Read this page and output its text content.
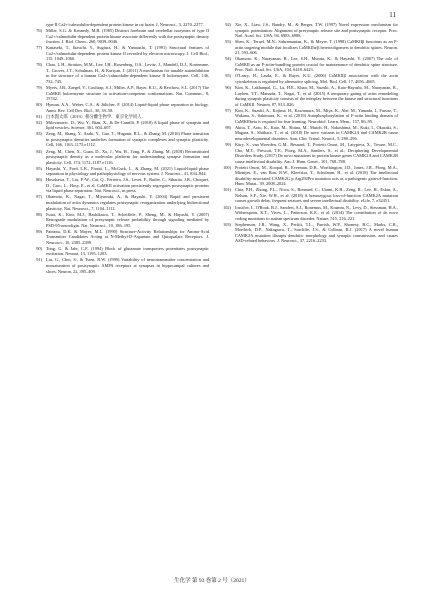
11
type II Ca2+/calmodulin-dependent protein kinase in rat brain. J. Neurosci., 3, 2270–2277.
76) Miller, S.G. & Kennedy, M.B. (1985) Distinct forebrain and cerebellar isozymes of type II Ca2+/calmodulin-dependent protein kinase associate differently with the postsynaptic density fraction. J. Biol. Chem., 260, 9039–9046.
77) Kanaseki, T., Ikeuchi, Y., Sugiura, H., & Yamauchi, T. (1991) Structural features of Ca2+/calmodulin-dependent protein kinase II revealed by electron microscopy. J. Cell Biol., 115, 1049–1060.
78) Chao, L.H., Stratton, M.M., Lee, I.H., Rosenberg, O.S., Levitz, J., Mandell, D.J., Kortemme, T., Groves, J.T., Schulman, H., & Kuriyan, J. (2011) A mechanism for tunable autoinhibition in the structure of a human Ca2+/calmodulin-dependent kinase II holoenzyme. Cell, 146, 732–745.
79) Myers, J.B., Zaegel, V., Coultrap, S.J., Miller, A.P., Bayer, K.U., & Reichow, S.L. (2017) The CaMKII holoenzyme structure in activation-competent conformations. Nat. Commun., 8, 15742.
80) Hyman, A.A., Weber, C.A., & Jülicher, F. (2014) Liquid-liquid phase separation in biology. Annu. Rev. Cell Dev. Biol., 30, 39–58.
81) 白木賢太郎（2019）相分離生物学．東京化学同人．
82) Milovanovic, D., Wu, Y., Bian, X., & De Camilli, P. (2018) A liquid phase of synapsin and lipid vesicles. Science, 361, 604–607.
83) Zeng, M., Shang, Y., Araki, Y., Guo, T., Huganir, R.L., & Zhang, M. (2016) Phase transition in postsynaptic densities underlies formation of synaptic complexes and synaptic plasticity. Cell, 166, 1163–1175.e1112.
84) Zeng, M., Chen, X., Guan, D., Xu, J., Wu, H., Tong, P., & Zhang, M. (2018) Reconstituted postsynaptic density as a molecular platform for understanding synapse formation and plasticity. Cell, 174, 1172–1187.e1116.
85) Hayashi, Y., Ford, L.K., Fioriti, L., McGurk, L., & Zhang, M. (2021) Liquid-liquid phase separation in physiology and pathophysiology of nervous system. J. Neurosci., 41, 834–844.
86) Hosokawa, T., Liu, P.-W., Cai, Q., Ferreira, J.S., Levet, F., Butler, C., Sibarita, J.B., Choquet, D., Groc, L., Hosy, E., et al. CaMKII activation persistently segregates postsynaptic proteins via liquid phase separation. Nat. Neurosci., in press.
87) Okamoto, K., Nagai, T., Miyawaki, A., & Hayashi, Y. (2004) Rapid and persistent modulation of actin dynamics regulates postsynaptic reorganization underlying bidirectional plasticity. Nat. Neurosci., 7, 1104–1112.
88) Futai, K., Kim, M.J., Hashikawa, T., Scheiffele, P., Sheng, M., & Hayashi, Y. (2007) Retrograde modulation of presynaptic release probability through signaling mediated by PSD-95-neuroligin. Nat. Neurosci., 10, 186–195.
89) Patneau, D.K. & Mayer, M.L. (1990) Structure-Activity Relationships for Amino-Acid Transmitter Candidates Acting at N-Methyl-D-Aspartate and Quisqualate Receptors. J. Neurosci., 10, 2385–2399.
90) Tong, G. & Jahr, C.E. (1994) Block of glutamate transporters potentiates postsynaptic excitation. Neuron, 13, 1195–1203.
91) Liu, G., Choi, S., & Tsien, R.W. (1999) Variability of neurotransmitter concentration and nonsaturation of postsynaptic AMPA receptors at synapses in hippocampal cultures and slices. Neuron, 22, 395–409.
92) Xie, X., Liaw, J.S., Baudry, M., & Berger, T.W. (1997) Novel expression mechanism for synaptic potentiation: Alignment of presynaptic release site and postsynaptic receptor. Proc. Natl. Acad. Sci. USA, 94, 6983–6988.
93) Shen, K., Teruel, M.N., Subramanian, K., & Meyer, T. (1998) CaMKIIβ functions as an F-actin targeting module that localizes CaMKIIα/β heterooligomers to dendritic spines. Neuron, 21, 593–606.
94) Okamoto, K., Narayanan, R., Lee, S.H., Murata, K., & Hayashi, Y. (2007) The role of CaMKII as an F-actin-bundling protein crucial for maintenance of dendritic spine structure. Proc. Natl. Acad. Sci. USA, 104, 6418–6423.
95) O'Leary, H., Lasda, E., & Bayer, K.U. (2006) CaMKIIβ association with the actin cytoskeleton is regulated by alternative splicing. Mol. Biol. Cell, 17, 4656–4665.
96) Kim, K., Lakhanpal, G., Lu, H.E., Khan, M., Suzuki, A., Kato-Hayashi, M., Narayanan, R., Luyben, T.T., Matsuda, T., Nagai, T., et al. (2015) A temporary gating of actin remodeling during synaptic plasticity consists of the interplay between the kinase and structural functions of CaMKII. Neuron, 87, 813–826.
97) Kim, K., Suzuki, A., Kojima, H., Kawamura, M., Miya, K., Abe, M., Yamada, I., Furuse, T., Wakana, S., Sakimura, K., et al. (2019) Autophosphorylation of F-actin binding domain of CaMKIIbeta is required for fear learning. Neurobiol. Learn. Mem., 157, 86–95.
98) Akita, T., Aoto, K., Kato, M., Shiina, M., Mutoh, H., Nakashima, M., Kuki, I., Okazaki, S., Magara, S., Shiihara, T., et al. (2018) De novo variants in CAMK2A and CAMK2B cause neurodevelopmental disorders. Ann. Clin. Transl. Neurol., 5, 280–296.
99) Küry, S., van Woerden, G.M., Besnard, T., Proietti Onori, M., Latypova, X., Towne, M.C., Cho, M.T., Prescott, T.E., Ploeg, M.A., Sanders, S., et al.; Deciphering Developmental Disorders Study. (2017) De novo mutations in protein kinase genes CAMK2A and CAMK2B cause intellectual disability. Am. J. Hum. Genet., 101, 768–788.
100) Proietti Onori, M., Koopal, B., Everman, D.B., Worthington, J.D., Jones, J.R., Ploeg, M.A., Mientjes, E., van Bon, B.W., Kleefstra, T., Schulman, H., et al. (2018) The intellectual disability-associated CAMK2G p.Arg292Pro mutation acts as a pathogenic gain-of-function. Hum. Mutat., 39, 2008–2024.
101) Chia, P.H., Zhong, F.L., Niwa, S., Bonnard, C., Utami, K.H., Zeng, R., Lee, H., Eskin, A., Nelson, S.F., Xie, W.H., et al. (2018) A homozygous loss-of-function CAMK2A mutation causes growth delay, frequent seizures and severe intellectual disability. eLife, 7, e32451.
102) Iossifov, I., O'Roak, B.J., Sanders, S.J., Ronemus, M., Krumm, N., Levy, D., Stessman, H.A., Witherspoon, K.T., Vives, L., Patterson, K.E., et al. (2014) The contribution of de novo coding mutations to autism spectrum disorder. Nature, 515, 216–221.
103) Stephenson, J.R., Wang, X., Perfitt, T.L., Parrish, W.P., Shonesy, B.C., Marks, C.R., Mortlock, D.P., Nakagawa, T., Sutcliffe, J.S., & Colbran, R.J. (2017) A novel human CAMK2A mutation disrupts dendritic morphology and synaptic transmission, and causes ASD-related behaviors. J. Neurosci., 37, 2216–2233.
生化学 第 93 巻第 2 号（2021）
